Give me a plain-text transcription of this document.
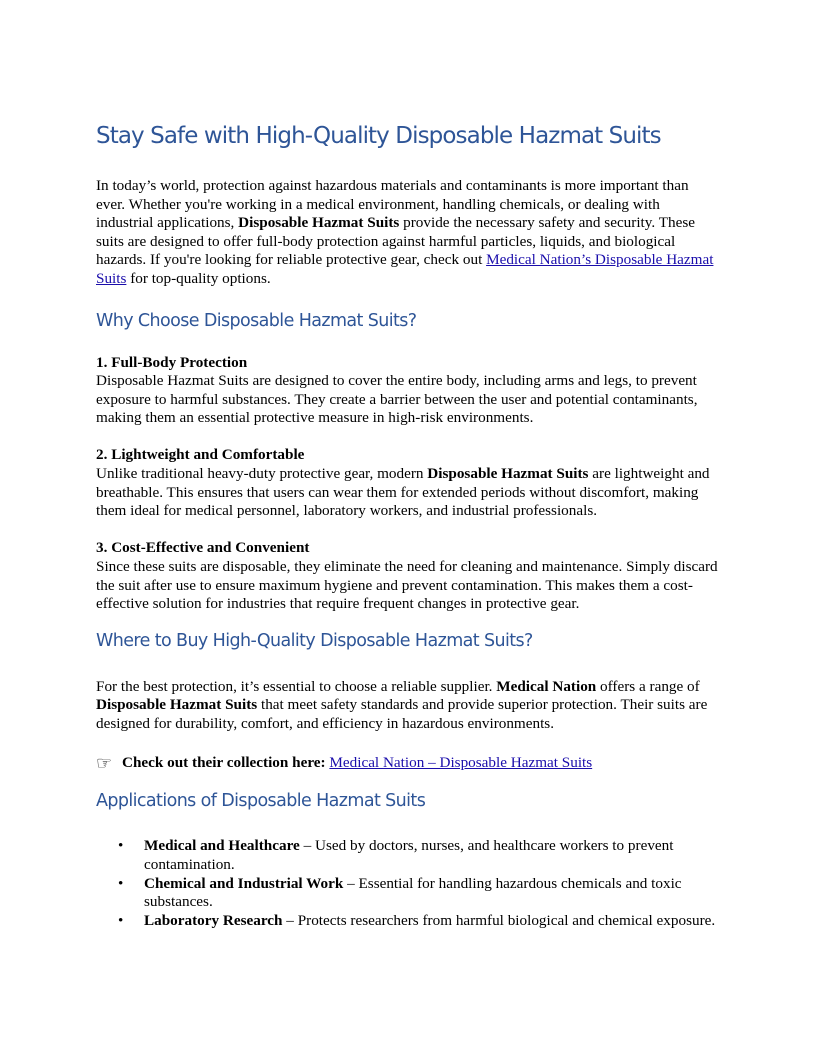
Stay Safe with High-Quality Disposable Hazmat Suits

In today’s world, protection against hazardous materials and contaminants is more important than ever. Whether you're working in a medical environment, handling chemicals, or dealing with industrial applications, Disposable Hazmat Suits provide the necessary safety and security. These suits are designed to offer full-body protection against harmful particles, liquids, and biological hazards. If you're looking for reliable protective gear, check out Medical Nation’s Disposable Hazmat Suits for top-quality options.

Why Choose Disposable Hazmat Suits?

1. Full-Body Protection

Disposable Hazmat Suits are designed to cover the entire body, including arms and legs, to prevent exposure to harmful substances. They create a barrier between the user and potential contaminants, making them an essential protective measure in high-risk environments.

2. Lightweight and Comfortable

Unlike traditional heavy-duty protective gear, modern Disposable Hazmat Suits are lightweight and breathable. This ensures that users can wear them for extended periods without discomfort, making them ideal for medical personnel, laboratory workers, and industrial professionals.

3. Cost-Effective and Convenient

Since these suits are disposable, they eliminate the need for cleaning and maintenance. Simply discard the suit after use to ensure maximum hygiene and prevent contamination. This makes them a cost-effective solution for industries that require frequent changes in protective gear.

Where to Buy High-Quality Disposable Hazmat Suits?

For the best protection, it’s essential to choose a reliable supplier. Medical Nation offers a range of Disposable Hazmat Suits that meet safety standards and provide superior protection. Their suits are designed for durability, comfort, and efficiency in hazardous environments.

☞ Check out their collection here:
Medical Nation – Disposable Hazmat Suits
Applications of Disposable Hazmat Suits
• Medical and Healthcare – Used by doctors, nurses, and healthcare workers to prevent contamination.
• Chemical and Industrial Work – Essential for handling hazardous chemicals and toxic substances.
• Laboratory Research – Protects researchers from harmful biological and chemical exposure.
